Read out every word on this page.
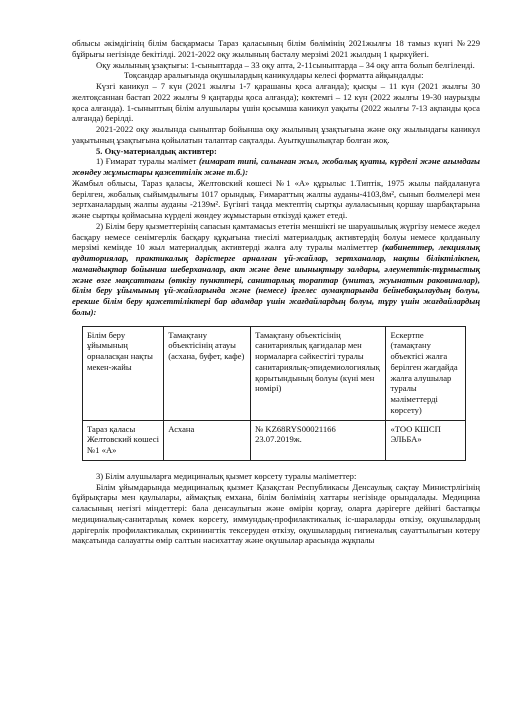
облысы әкімдігінің білім басқармасы Тараз қаласының білім бөлімінің 2021жылғы 18 тамыз күнгі №229 бұйрығы негізінде бекітілді. 2021-2022 оқу жылының басталу мерзімі 2021 жылдың 1 қыркүйегі.

Оқу жылының ұзақтығы: 1-сыныптарда – 33 оқу апта, 2-11сыныптарда – 34 оқу апта болып белгіленді.

Тоқсандар аралығында оқушылардың каникулдары келесі форматта айқындалды:

Күзгі каникул – 7 күн (2021 жылғы 1-7 қарашаны қоса алғанда); қысқы – 11 күн (2021 жылғы 30 желтоқсаннан бастап 2022 жылғы 9 қаңтарды қоса алғанда); көктемгі – 12 күн (2022 жылғы 19-30 наурызды қоса алғанда). 1-сыныптың білім алушылары үшін қосымша каникул уақыты (2022 жылғы 7-13 ақпанды қоса алғанда) берілді.

2021-2022 оқу жылында сыныптар бойынша оқу жылының ұзақтығына және оқу жылындағы каникул уақытының ұзақтығына қойылатын талаптар сақталды. Ауытқушылықтар болған жоқ.

5. Оқу-материалдық активтер:

1) Ғимарат туралы мәлімет (ғимарат типі, салынған жыл, жобалық қуаты, күрделі және ағымдағы жөндеу жұмыстары қажеттілік және т.б.):

Жамбыл облысы, Тараз қаласы, Желтовский көшесі №1 «А» құрылыс 1.Типтік, 1975 жылы пайдалануға берілген, жобалық сыйымдылығы 1017 орындық. Ғимараттың жалпы ауданы-4103,8м², сынып бөлмелері мен зертханалардың жалпы ауданы -2139м². Бүгінгі таңда мектептің сыртқы аулаласының қоршау шарбақтарына және сыртқы қоймасына күрделі жөндеу жұмыстарын өткізуді қажет етеді.

2) Білім беру қызметтерінің сапасын қамтамасыз ететін меншікті не шаруашылық жүргізу немесе жедел басқару немесе сенімгерлік басқару құқығына тиесілі материалдық активтердің болуы немесе қолданылу мерзімі кемінде 10 жыл материалдық активтерді жалға алу туралы мәліметтер (кабинеттер, лекциялық аудиториялар, практикалық дәрістерге арналған үй-жайлар, зертханалар, нақты біліктілікпен, мамандықтар бойынша шеберханалар, акт және дене шынықтыру залдары, әлеуметтік-тұрмыстық және өзге мақсаттағы (өткізу пункттері, санитарлық торaптар (унитаз, жуынатын раковиналар), білім беру ұйымының үй-жайларында және (немесе) іргелес аумақтарында бейнебақылаудың болуы, ерекше білім беру қажеттіліктері бар адамдар үшін жағдайлардың болуы, тұру үшін жағдайлардың болы):

Білім беру ұйымының орналасқан нақты мекен-жайы	Тамақтану объектісінің атауы (асхана, буфет, кафе)	Тамақтану объектісінің санитариялық қағидалар мен нормаларға сәйкестігі туралы санитариялық-эпидемиологиялық қорытындының болуы (күні мен нөмірі)	Ескертпе (тамақтану объектісі жалға берілген жағдайда жалға алушылар туралы мәліметтерді көрсету)
Тараз қаласы Желтовский көшесі №1 «А»	Асхана	№ KZ68RYS00021166 23.07.2019ж.	«ТОО КШСП ЭЛЬБА»

3) Білім алушыларға медициналық қызмет көрсету туралы мәліметтер:

Білім ұйымдарында медициналық қызмет Қазақстан Республикасы Денсаулық сақтау Министрлігінің бұйрықтары мен қаулылары, аймақтық емхана, білім бөлімінің хаттары негізінде орындалады. Медицина саласының негізгі міндеттері: бала денсаулығын және өмірін қорғау, оларға дәрігерге дейінгі бастапқы медициналық-санитарлық көмек көрсету, иммундық-профилактикалық іс-шараларды өткізу, оқушылардың дәрігерлік профилактикалық скринингтік тексеруден өткізу, оқушылардың гигиеналық сауаттылығын көтеру мақсатында салауатты өмір салтын насихаттау және оқушылар арасында жұқпалы
